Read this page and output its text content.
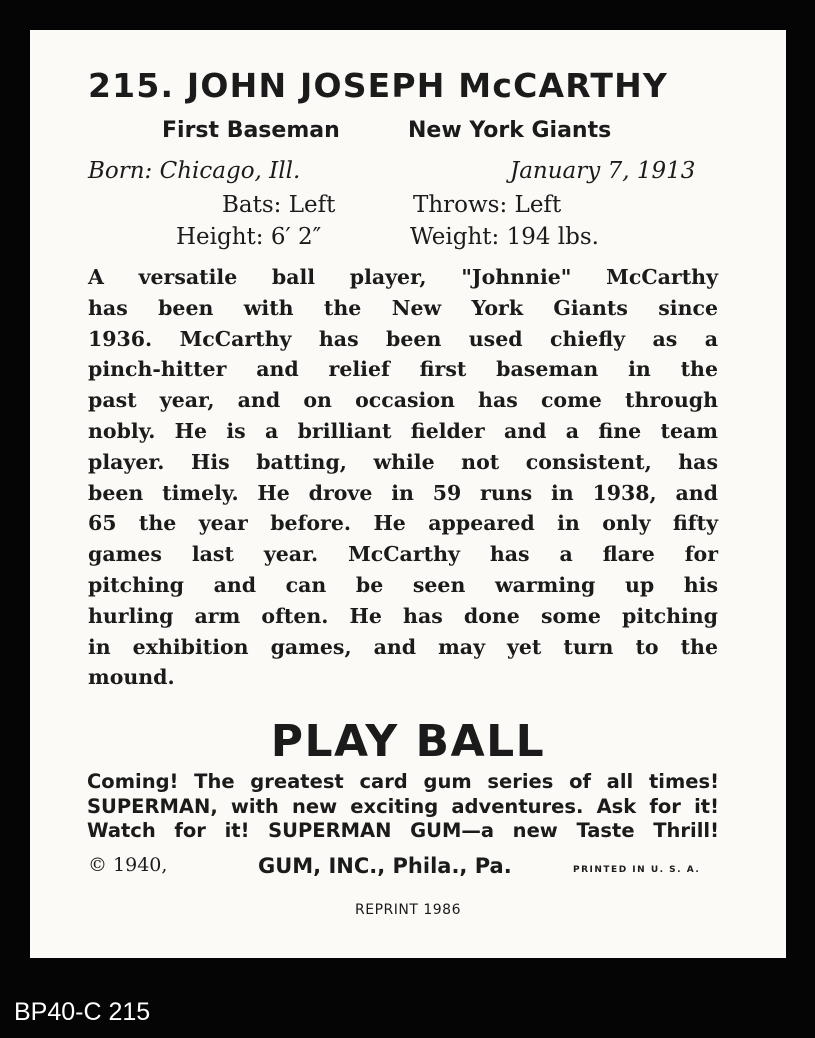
215. JOHN JOSEPH McCARTHY
First Baseman	New York Giants
Born: Chicago, Ill.	January 7, 1913
Bats: Left	Throws: Left
Height: 6′ 2″	Weight: 194 lbs.
A versatile ball player, "Johnnie" McCarthy
has been with the New York Giants since
1936. McCarthy has been used chiefly as a
pinch-hitter and relief first baseman in the
past year, and on occasion has come through
nobly. He is a brilliant fielder and a fine team
player. His batting, while not consistent, has
been timely. He drove in 59 runs in 1938, and
65 the year before. He appeared in only fifty
games last year. McCarthy has a flare for
pitching and can be seen warming up his
hurling arm often. He has done some pitching
in exhibition games, and may yet turn to the
mound.
PLAY BALL
Coming! The greatest card gum series of all times!
SUPERMAN, with new exciting adventures. Ask for it!
Watch for it! SUPERMAN GUM—a new Taste Thrill!
© 1940,	GUM, INC., Phila., Pa.	PRINTED IN U. S. A.
REPRINT 1986
BP40-C 215
